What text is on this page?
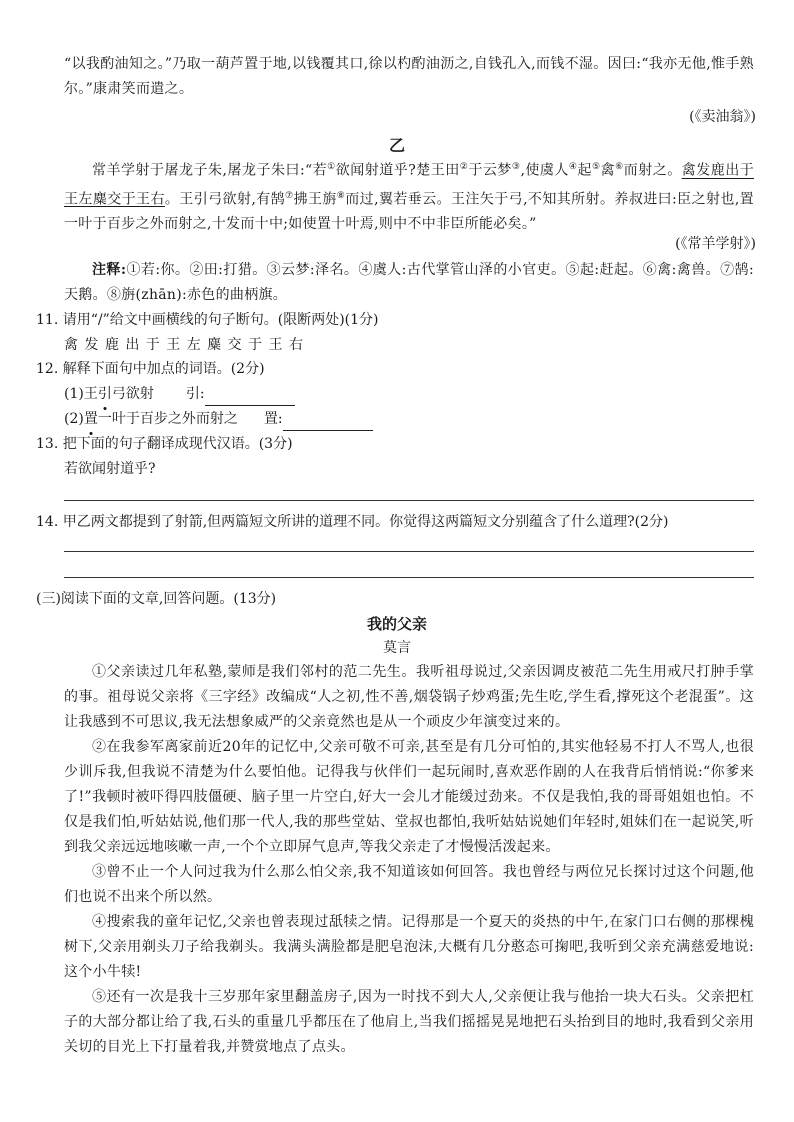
“以我酌油知之。”乃取一葫芦置于地,以钱覆其口,徐以杓酌油沥之,自钱孔入,而钱不湿。因曰:“我亦无他,惟手熟尔。”康肃笑而遣之。

(《卖油翁》)
乙

常羊学射于屠龙子朱,屠龙子朱曰:“若①欲闻射道乎?楚王田②于云梦③,使虞人④起⑤禽⑥而射之。禽发鹿出于王左麋交于王右。王引弓欲射,有鹄⑦拂王旃⑧而过,翼若垂云。王注矢于弓,不知其所射。养叔进曰:臣之射也,置一叶于百步之外而射之,十发而十中;如使置十叶焉,则中不中非臣所能必矣。”

(《常羊学射》)

注释:①若:你。②田:打猎。③云梦:泽名。④虞人:古代掌管山泽的小官吏。⑤起:赶起。⑥禽:禽兽。⑦鹄:天鹅。⑧旃(zhān):赤色的曲柄旗。

11. 请用“/”给文中画横线的句子断句。(限断两处)(1分)
禽 发 鹿 出 于 王 左 麋 交 于 王 右
12. 解释下面句中加点的词语。(2分)
(1)王引弓欲射 引:
(2)置一叶于百步之外而射之 置:
13. 把下面的句子翻译成现代汉语。(3分)
若欲闻射道乎?
14. 甲乙两文都提到了射箭,但两篇短文所讲的道理不同。你觉得这两篇短文分别蕴含了什么道理?(2分)
(三)阅读下面的文章,回答问题。(13分)
我的父亲
莫言

①父亲读过几年私塾,蒙师是我们邻村的范二先生。我听祖母说过,父亲因调皮被范二先生用戒尺打肿手掌的事。祖母说父亲将《三字经》改编成“人之初,性不善,烟袋锅子炒鸡蛋;先生吃,学生看,撑死这个老混蛋”。这让我感到不可思议,我无法想象威严的父亲竟然也是从一个顽皮少年演变过来的。

②在我参军离家前近20年的记忆中,父亲可敬不可亲,甚至是有几分可怕的,其实他轻易不打人不骂人,也很少训斥我,但我说不清楚为什么要怕他。记得我与伙伴们一起玩闹时,喜欢恶作剧的人在我背后悄悄说:“你爹来了!”我顿时被吓得四肢僵硬、脑子里一片空白,好大一会儿才能缓过劲来。不仅是我怕,我的哥哥姐姐也怕。不仅是我们怕,听姑姑说,他们那一代人,我的那些堂姑、堂叔也都怕,我听姑姑说她们年轻时,姐妹们在一起说笑,听到我父亲远远地咳嗽一声,一个个立即屏气息声,等我父亲走了才慢慢活泼起来。

③曾不止一个人问过我为什么那么怕父亲,我不知道该如何回答。我也曾经与两位兄长探讨过这个问题,他们也说不出来个所以然。

④搜索我的童年记忆,父亲也曾表现过舐犊之情。记得那是一个夏天的炎热的中午,在家门口右侧的那棵槐树下,父亲用剃头刀子给我剃头。我满头满脸都是肥皂泡沫,大概有几分憨态可掬吧,我听到父亲充满慈爱地说:这个小牛犊!

⑤还有一次是我十三岁那年家里翻盖房子,因为一时找不到大人,父亲便让我与他抬一块大石头。父亲把杠子的大部分都让给了我,石头的重量几乎都压在了他肩上,当我们摇摇晃晃地把石头抬到目的地时,我看到父亲用关切的目光上下打量着我,并赞赏地点了点头。
